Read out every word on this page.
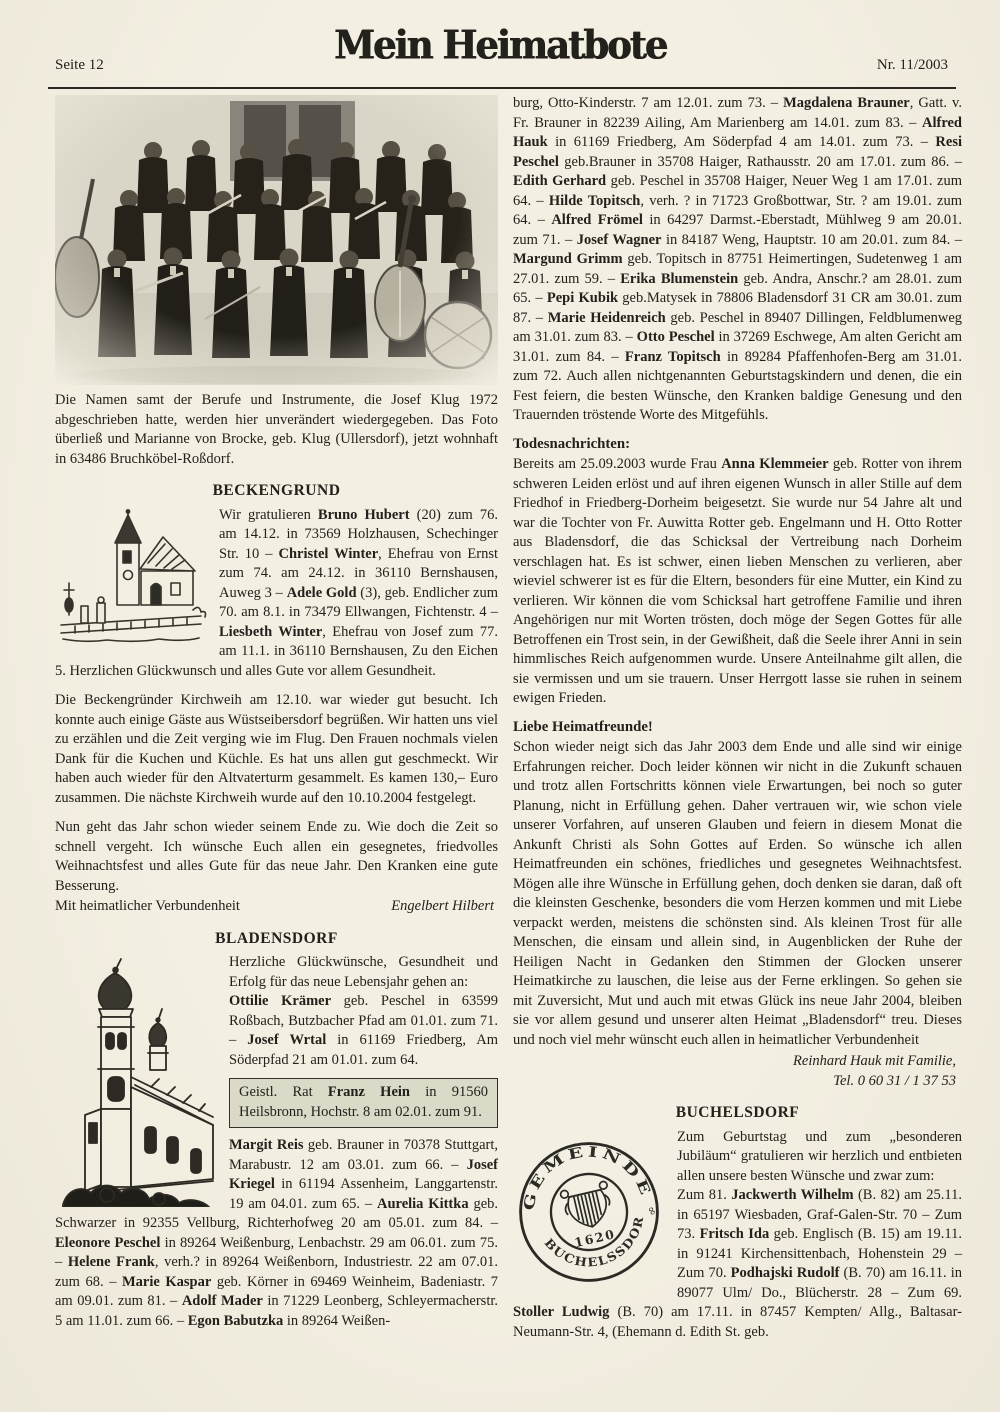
Seite 12	Mein Heimatbote	Nr. 11/2003

Die Namen samt der Berufe und Instrumente, die Josef Klug 1972 abgeschrieben hatte, werden hier unverändert wiedergegeben. Das Foto überließ und Marianne von Brocke, geb. Klug (Ullersdorf), jetzt wohnhaft in 63486 Bruchköbel-Roßdorf.

BECKENGRUND

Wir gratulieren Bruno Hubert (20) zum 76. am 14.12. in 73569 Holzhausen, Schechinger Str. 10 – Christel Winter, Ehefrau von Ernst zum 74. am 24.12. in 36110 Bernshausen, Auweg 3 – Adele Gold (3), geb. Endlicher zum 70. am 8.1. in 73479 Ellwangen, Fichtenstr. 4 – Liesbeth Winter, Ehefrau von Josef zum 77. am 11.1. in 36110 Bernshausen, Zu den Eichen 5. Herzlichen Glückwunsch und alles Gute vor allem Gesundheit.

Die Beckengründer Kirchweih am 12.10. war wieder gut besucht. Ich konnte auch einige Gäste aus Wüstseibersdorf begrüßen. Wir hatten uns viel zu erzählen und die Zeit verging wie im Flug. Den Frauen nochmals vielen Dank für die Kuchen und Küchle. Es hat uns allen gut geschmeckt. Wir haben auch wieder für den Altvaterturm gesammelt. Es kamen 130,– Euro zusammen. Die nächste Kirchweih wurde auf den 10.10.2004 festgelegt.

Nun geht das Jahr schon wieder seinem Ende zu. Wie doch die Zeit so schnell vergeht. Ich wünsche Euch allen ein gesegnetes, friedvolles Weihnachtsfest und alles Gute für das neue Jahr. Den Kranken eine gute Besserung.

Mit heimatlicher Verbundenheit	Engelbert Hilbert
BLADENSDORF

Herzliche Glückwünsche, Gesundheit und Erfolg für das neue Lebensjahr gehen an:

Ottilie Krämer geb. Peschel in 63599 Roßbach, Butzbacher Pfad am 01.01. zum 71. – Josef Wrtal in 61169 Friedberg, Am Söderpfad 21 am 01.01. zum 64.

Geistl. Rat Franz Hein in 91560 Heilsbronn, Hochstr. 8 am 02.01. zum 91.

Margit Reis geb. Brauner in 70378 Stuttgart, Marabustr. 12 am 03.01. zum 66. – Josef Kriegel in 61194 Assenheim, Langgartenstr. 19 am 04.01. zum 65. – Aurelia Kittka geb. Schwarzer in 92355 Vellburg, Richterhofweg 20 am 05.01. zum 84. – Eleonore Peschel in 89264 Weißenburg, Lenbachstr. 29 am 06.01. zum 75. – Helene Frank, verh.? in 89264 Weißenborn, Industriestr. 22 am 07.01. zum 68. – Marie Kaspar geb. Körner in 69469 Weinheim, Badeniastr. 7 am 09.01. zum 81. – Adolf Mader in 71229 Leonberg, Schleyermacherstr. 5 am 11.01. zum 66. – Egon Babutzka in 89264 Weißen-

burg, Otto-Kinderstr. 7 am 12.01. zum 73. – Magdalena Brauner, Gatt. v. Fr. Brauner in 82239 Ailing, Am Marienberg am 14.01. zum 83. – Alfred Hauk in 61169 Friedberg, Am Söderpfad 4 am 14.01. zum 73. – Resi Peschel geb.Brauner in 35708 Haiger, Rathausstr. 20 am 17.01. zum 86. – Edith Gerhard geb. Peschel in 35708 Haiger, Neuer Weg 1 am 17.01. zum 64. – Hilde Topitsch, verh. ? in 71723 Großbottwar, Str. ? am 19.01. zum 64. – Alfred Frömel in 64297 Darmst.-Eberstadt, Mühlweg 9 am 20.01. zum 71. – Josef Wagner in 84187 Weng, Hauptstr. 10 am 20.01. zum 84. – Margund Grimm geb. Topitsch in 87751 Heimertingen, Sudetenweg 1 am 27.01. zum 59. – Erika Blumenstein geb. Andra, Anschr.? am 28.01. zum 65. – Pepi Kubik geb.Matysek in 78806 Bladensdorf 31 CR am 30.01. zum 87. – Marie Heidenreich geb. Peschel in 89407 Dillingen, Feldblumenweg am 31.01. zum 83. – Otto Peschel in 37269 Eschwege, Am alten Gericht am 31.01. zum 84. – Franz Topitsch in 89284 Pfaffenhofen-Berg am 31.01. zum 72. Auch allen nichtgenannten Geburtstagskindern und denen, die ein Fest feiern, die besten Wünsche, den Kranken baldige Genesung und den Trauernden tröstende Worte des Mitgefühls.

Todesnachrichten:

Bereits am 25.09.2003 wurde Frau Anna Klemmeier geb. Rotter von ihrem schweren Leiden erlöst und auf ihren eigenen Wunsch in aller Stille auf dem Friedhof in Friedberg-Dorheim beigesetzt. Sie wurde nur 54 Jahre alt und war die Tochter von Fr. Auwitta Rotter geb. Engelmann und H. Otto Rotter aus Bladensdorf, die das Schicksal der Vertreibung nach Dorheim verschlagen hat. Es ist schwer, einen lieben Menschen zu verlieren, aber wieviel schwerer ist es für die Eltern, besonders für eine Mutter, ein Kind zu verlieren. Wir können die vom Schicksal hart getroffene Familie und ihren Angehörigen nur mit Worten trösten, doch möge der Segen Gottes für alle Betroffenen ein Trost sein, in der Gewißheit, daß die Seele ihrer Anni in sein himmlisches Reich aufgenommen wurde. Unsere Anteilnahme gilt allen, die sie vermissen und um sie trauern. Unser Herrgott lasse sie ruhen in seinem ewigen Frieden.

Liebe Heimatfreunde!

Schon wieder neigt sich das Jahr 2003 dem Ende und alle sind wir einige Erfahrungen reicher. Doch leider können wir nicht in die Zukunft schauen und trotz allen Fortschritts können viele Erwartungen, bei noch so guter Planung, nicht in Erfüllung gehen. Daher vertrauen wir, wie schon viele unserer Vorfahren, auf unseren Glauben und feiern in diesem Monat die Ankunft Christi als Sohn Gottes auf Erden. So wünsche ich allen Heimatfreunden ein schönes, friedliches und gesegnetes Weihnachtsfest. Mögen alle ihre Wünsche in Erfüllung gehen, doch denken sie daran, daß oft die kleinsten Geschenke, besonders die vom Herzen kommen und mit Liebe verpackt werden, meistens die schönsten sind. Als kleinen Trost für alle Menschen, die einsam und allein sind, in Augenblicken der Ruhe der Heiligen Nacht in Gedanken den Stimmen der Glocken unserer Heimatkirche zu lauschen, die leise aus der Ferne erklingen. So gehen sie mit Zuversicht, Mut und auch mit etwas Glück ins neue Jahr 2004, bleiben sie vor allem gesund und unserer alten Heimat „Bladensdorf“ treu. Dieses und noch viel mehr wünscht euch allen in heimatlicher Verbundenheit

Reinhard Hauk mit Familie,
Tel. 0 60 31 / 1 37 53
BUCHELSDORF
GEMEINDE
BUCHELSSDORF
1620
∞

Zum Geburtstag und zum „besonderen Jubiläum“ gratulieren wir herzlich und entbieten allen unsere besten Wünsche und zwar zum:

Zum 81. Jackwerth Wilhelm (B. 82) am 25.11. in 65197 Wiesbaden, Graf-Galen-Str. 70 – Zum 73. Fritsch Ida geb. Englisch (B. 15) am 19.11. in 91241 Kirchensittenbach, Hohenstein 29 – Zum 70. Podhajski Rudolf (B. 70) am 16.11. in 89077 Ulm/ Do., Blücherstr. 28 – Zum 69. Stoller Ludwig (B. 70) am 17.11. in 87457 Kempten/ Allg., Baltasar-Neumann-Str. 4, (Ehemann d. Edith St. geb.
